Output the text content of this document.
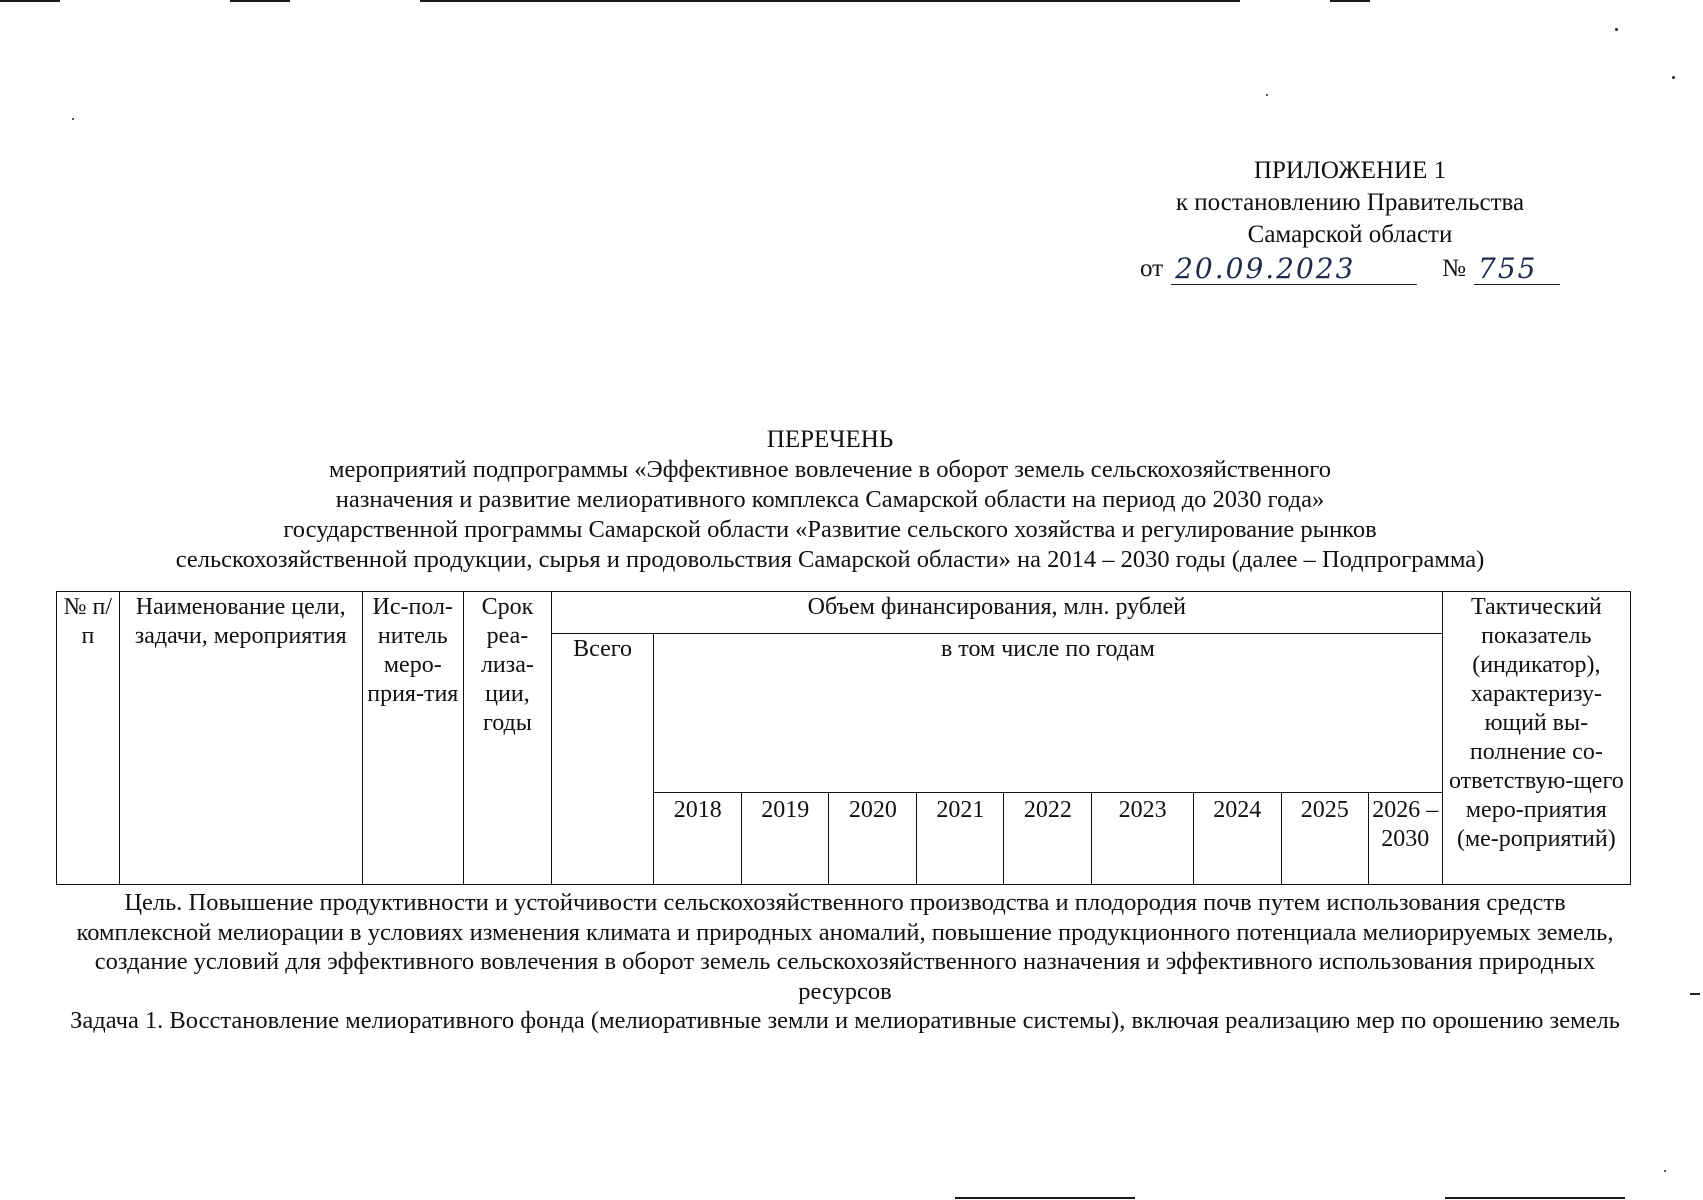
ПРИЛОЖЕНИЕ 1
к постановлению Правительства
Самарской области
от 20.09.2023	№ 755
ПЕРЕЧЕНЬ
мероприятий подпрограммы «Эффективное вовлечение в оборот земель сельскохозяйственного
назначения и развитие мелиоративного комплекса Самарской области на период до 2030 года»
государственной программы Самарской области «Развитие сельского хозяйства и регулирование рынков
сельскохозяйственной продукции, сырья и продовольствия Самарской области» на 2014 – 2030 годы (далее – Подпрограмма)
№ п/п	Наименование цели, задачи, мероприятия	Ис-пол-нитель меро-прия-тия	Срок реа-лиза-ции, годы	Объем финансирования, млн. рублей										Тактический показатель (индикатор), характеризу-ющий вы-полнение со-ответствую-щего меро-приятия (ме-роприятий)
				Всего	в том числе по годам									
					2018	2019	2020	2021	2022	2023	2024	2025	2026 – 2030	
Цель. Повышение продуктивности и устойчивости сельскохозяйственного производства и плодородия почв путем использования средств комплексной мелиорации в условиях изменения климата и природных аномалий, повышение продукционного потенциала мелиорируемых земель, создание условий для эффективного вовлечения в оборот земель сельскохозяйственного назначения и эффективного использования природных ресурсов
Задача 1. Восстановление мелиоративного фонда (мелиоративные земли и мелиоративные системы), включая реализацию мер по орошению земель
